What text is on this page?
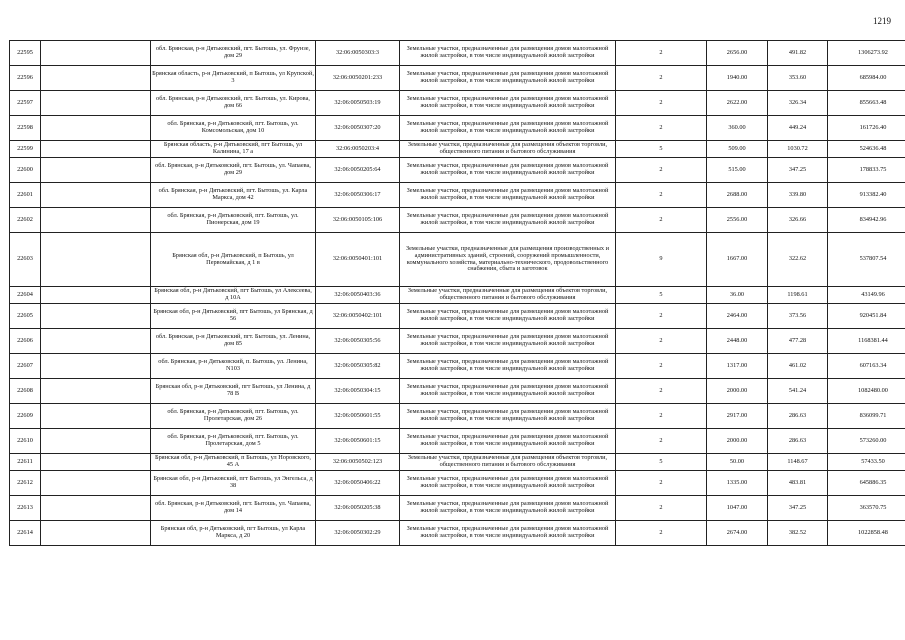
1219
22595		обл. Брянская, р-н Дятьковский, пгт. Бытошь, ул. Фрунзе, дом 29	32:06:0050303:3	Земельные участки, предназначенные для размещения домов малоэтажной жилой застройки, в том числе индивидуальной жилой застройки	2	2656.00	491.82	1306273.92
22596		Брянская область, р-н Дятьковский, п Бытошь, ул Крупской, 3	32:06:0050201:233	Земельные участки, предназначенные для размещения домов малоэтажной жилой застройки, в том числе индивидуальной жилой застройки	2	1940.00	353.60	685984.00
22597		обл. Брянская, р-н Дятьковский, пгт. Бытошь, ул. Кирова, дом 66	32:06:0050503:19	Земельные участки, предназначенные для размещения домов малоэтажной жилой застройки, в том числе индивидуальной жилой застройки	2	2622.00	326.34	855663.48
22598		обл. Брянская, р-н Дятьковский, пгт. Бытошь, ул. Комсомольская, дом 10	32:06:0050307:20	Земельные участки, предназначенные для размещения домов малоэтажной жилой застройки, в том числе индивидуальной жилой застройки	2	360.00	449.24	161726.40
22599		Брянская область, р-н Дятьковский, пгт Бытошь, ул Калинина, 17 а	32:06:0050203:4	Земельные участки, предназначенные для размещения объектов торговли, общественного питания и бытового обслуживания	5	509.00	1030.72	524636.48
22600		обл. Брянская, р-н Дятьковский, пгт. Бытошь, ул. Чапаева, дом 29	32:06:0050205:64	Земельные участки, предназначенные для размещения домов малоэтажной жилой застройки, в том числе индивидуальной жилой застройки	2	515.00	347.25	178833.75
22601		обл. Брянская, р-н Дятьковский, пгт. Бытошь, ул. Карла Маркса, дом 42	32:06:0050306:17	Земельные участки, предназначенные для размещения домов малоэтажной жилой застройки, в том числе индивидуальной жилой застройки	2	2688.00	339.80	913382.40
22602		обл. Брянская, р-н Дятьковский, пгт. Бытошь, ул. Пионерская, дом 19	32:06:0050105:106	Земельные участки, предназначенные для размещения домов малоэтажной жилой застройки, в том числе индивидуальной жилой застройки	2	2556.00	326.66	834942.96
22603		Брянская обл, р-н Дятьковский, п Бытошь, ул Первомайская, д 1 в	32:06:0050401:101	Земельные участки, предназначенные для размещения производственных и административных зданий, строений, сооружений промышленности, коммунального хозяйства, материально-технического, продовольственного снабжения, сбыта и заготовок	9	1667.00	322.62	537807.54
22604		Брянская обл, р-н Дятьковский, пгт Бытошь, ул Алексеева, д 10А	32:06:0050403:36	Земельные участки, предназначенные для размещения объектов торговли, общественного питания и бытового обслуживания	5	36.00	1198.61	43149.96
22605		Брянская обл, р-н Дятьковский, пгт Бытошь, ул Брянская, д 56	32:06:0050402:101	Земельные участки, предназначенные для размещения домов малоэтажной жилой застройки, в том числе индивидуальной жилой застройки	2	2464.00	373.56	920451.84
22606		обл. Брянская, р-н Дятьковский, пгт. Бытошь, ул. Ленина, дом 85	32:06:0050305:56	Земельные участки, предназначенные для размещения домов малоэтажной жилой застройки, в том числе индивидуальной жилой застройки	2	2448.00	477.28	1168381.44
22607		обл. Брянская, р-н Дятьковский, п. Бытошь, ул. Ленина, N103	32:06:0050305:82	Земельные участки, предназначенные для размещения домов малоэтажной жилой застройки, в том числе индивидуальной жилой застройки	2	1317.00	461.02	607163.34
22608		Брянская обл, р-н Дятьковский, пгт Бытошь, ул Ленина, д 78 В	32:06:0050304:15	Земельные участки, предназначенные для размещения домов малоэтажной жилой застройки, в том числе индивидуальной жилой застройки	2	2000.00	541.24	1082480.00
22609		обл. Брянская, р-н Дятьковский, пгт. Бытошь, ул. Пролетарская, дом 26	32:06:0050601:55	Земельные участки, предназначенные для размещения домов малоэтажной жилой застройки, в том числе индивидуальной жилой застройки	2	2917.00	286.63	836099.71
22610		обл. Брянская, р-н Дятьковский, пгт. Бытошь, ул. Пролетарская, дом 5	32:06:0050601:15	Земельные участки, предназначенные для размещения домов малоэтажной жилой застройки, в том числе индивидуальной жилой застройки	2	2000.00	286.63	573260.00
22611		Брянская обл, р-н Дятьковский, п Бытошь, ул Норовского, 45 А	32:06:0050502:123	Земельные участки, предназначенные для размещения объектов торговли, общественного питания и бытового обслуживания	5	50.00	1148.67	57433.50
22612		Брянская обл, р-н Дятьковский, пгт Бытошь, ул Энгельса, д 38	32:06:0050406:22	Земельные участки, предназначенные для размещения домов малоэтажной жилой застройки, в том числе индивидуальной жилой застройки	2	1335.00	483.81	645886.35
22613		обл. Брянская, р-н Дятьковский, пгт. Бытошь, ул. Чапаева, дом 14	32:06:0050205:38	Земельные участки, предназначенные для размещения домов малоэтажной жилой застройки, в том числе индивидуальной жилой застройки	2	1047.00	347.25	363570.75
22614		Брянская обл, р-н Дятьковский, пгт Бытошь, ул Карла Маркса, д 20	32:06:0050302:29	Земельные участки, предназначенные для размещения домов малоэтажной жилой застройки, в том числе индивидуальной жилой застройки	2	2674.00	382.52	1022858.48
